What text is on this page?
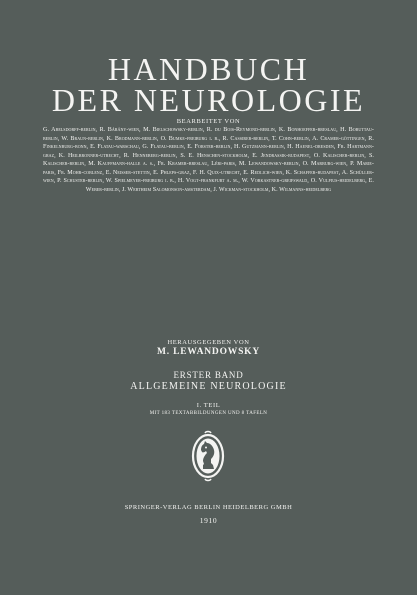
HANDBUCH
DER NEUROLOGIE
BEARBEITET VON
G. Abelsdorff-berlin, R. Bárány-wien, M. Bielschowsky-berlin, R. du Bois-Reymond-berlin, K. Bonhoeffer-breslau, H. Boruttau-berlin, W. Braun-berlin, K. Brodmann-berlin, O. Bumke-freiburg i. b., R. Cassirer-berlin, T. Cohn-berlin, A. Cramer-göttingen, R. Finkelnburg-bonn, E. Flatau-warschau, G. Flatau-berlin, E. Forster-berlin, H. Gutzmann-berlin, H. Haenel-dresden, Fr. Hartmann-graz, K. Heilbronner-utrecht, R. Henneberg-berlin, S. E. Henschen-stockholm, E. Jendrassik-budapest, O. Kalischer-berlin, S. Kalischer-berlin, M. Kauffmann-halle a. s., Fr. Kramer-breslau, Léri-paris, M. Lewandowsky-berlin, O. Marburg-wien, P. Marie-paris, Fr. Mohr-coblenz, E. Neisser-stettin, E. Phleps-graz, F. H. Quix-utrecht, E. Redlich-wien, K. Schaffer-budapest, A. Schüller-wien, P. Schuster-berlin, W. Spielmeyer-freiburg i. b., H. Vogt-frankfurt a. m., W. Vorkastner-greifswald, O. Vulpius-heidelberg, E. Weber-berlin, J. Wertheim Salomonson-amsterdam, J. Wickman-stockholm, K. Wilmanns-heidelberg
HERAUSGEGEBEN VON
M. LEWANDOWSKY
ERSTER BAND
ALLGEMEINE NEUROLOGIE
I. TEIL
MIT 183 TEXTABBILDUNGEN UND 8 TAFELN
SPRINGER-VERLAG BERLIN HEIDELBERG GMBH
1910
